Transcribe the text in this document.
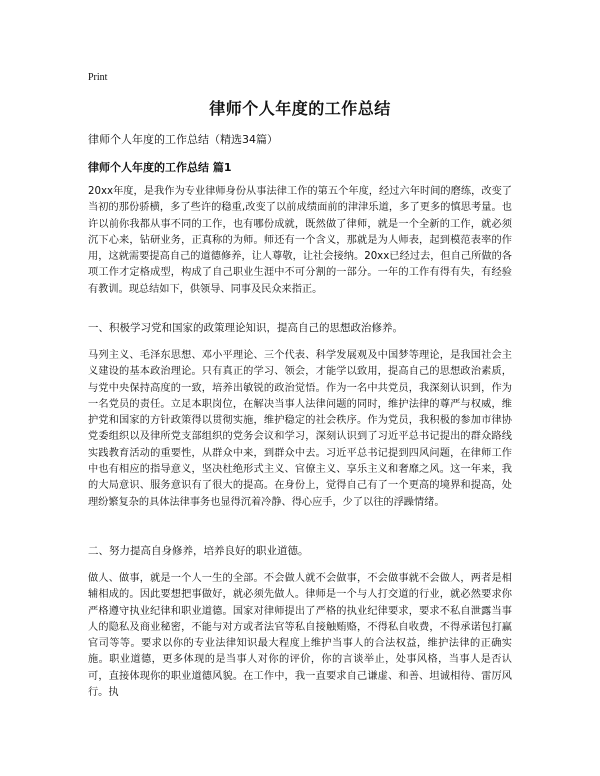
Print
律师个人年度的工作总结
律师个人年度的工作总结（精选34篇）
律师个人年度的工作总结 篇1
20xx年度，是我作为专业律师身份从事法律工作的第五个年度，经过六年时间的磨练，改变了当初的那份骄横，多了些许的稳重,改变了以前成绩面前的津津乐道，多了更多的慎思考量。也许以前你我都从事不同的工作，也有哪份成就，既然做了律师，就是一个全新的工作，就必须沉下心来，钻研业务，正真称的为师。师还有一个含义，那就是为人师表，起到模范表率的作用，这就需要提高自己的道德修养，让人尊敬，让社会接纳。20xx已经过去，但自己所做的各项工作才定格成型，构成了自己职业生涯中不可分割的一部分。一年的工作有得有失，有经验有教训。现总结如下，供领导、同事及民众来指正。
一、积极学习党和国家的政策理论知识，提高自己的思想政治修养。
马列主义、毛泽东思想、邓小平理论、三个代表、科学发展观及中国梦等理论，是我国社会主义建设的基本政治理论。只有真正的学习、领会，才能学以致用，提高自己的思想政治素质，与党中央保持高度的一致，培养出敏锐的政治觉悟。作为一名中共党员，我深刻认识到，作为一名党员的责任。立足本职岗位，在解决当事人法律问题的同时，维护法律的尊严与权威，维护党和国家的方针政策得以贯彻实施，维护稳定的社会秩序。作为党员，我积极的参加市律协党委组织以及律所党支部组织的党务会议和学习，深刻认识到了习近平总书记提出的群众路线实践教育活动的重要性，从群众中来，到群众中去。习近平总书记提到四风问题，在律师工作中也有相应的指导意义，坚决杜绝形式主义、官僚主义、享乐主义和奢靡之风。这一年来，我的大局意识、服务意识有了很大的提高。在身份上，觉得自己有了一个更高的境界和提高，处理纷繁复杂的具体法律事务也显得沉着冷静、得心应手，少了以往的浮躁情绪。
二、努力提高自身修养，培养良好的职业道德。
做人、做事，就是一个人一生的全部。不会做人就不会做事，不会做事就不会做人，两者是相辅相成的。因此要想把事做好，就必须先做人。律师是一个与人打交道的行业，就必然要求你严格遵守执业纪律和职业道德。国家对律师提出了严格的执业纪律要求，要求不私自泄露当事人的隐私及商业秘密，不能与对方或者法官等私自接触贿赂，不得私自收费，不得承诺包打赢官司等等。要求以你的专业法律知识最大程度上维护当事人的合法权益，维护法律的正确实施。职业道德，更多体现的是当事人对你的评价，你的言谈举止，处事风格，当事人是否认可，直接体现你的职业道德风貌。在工作中，我一直要求自己谦虚、和善、坦诚相待、雷厉风行。执
